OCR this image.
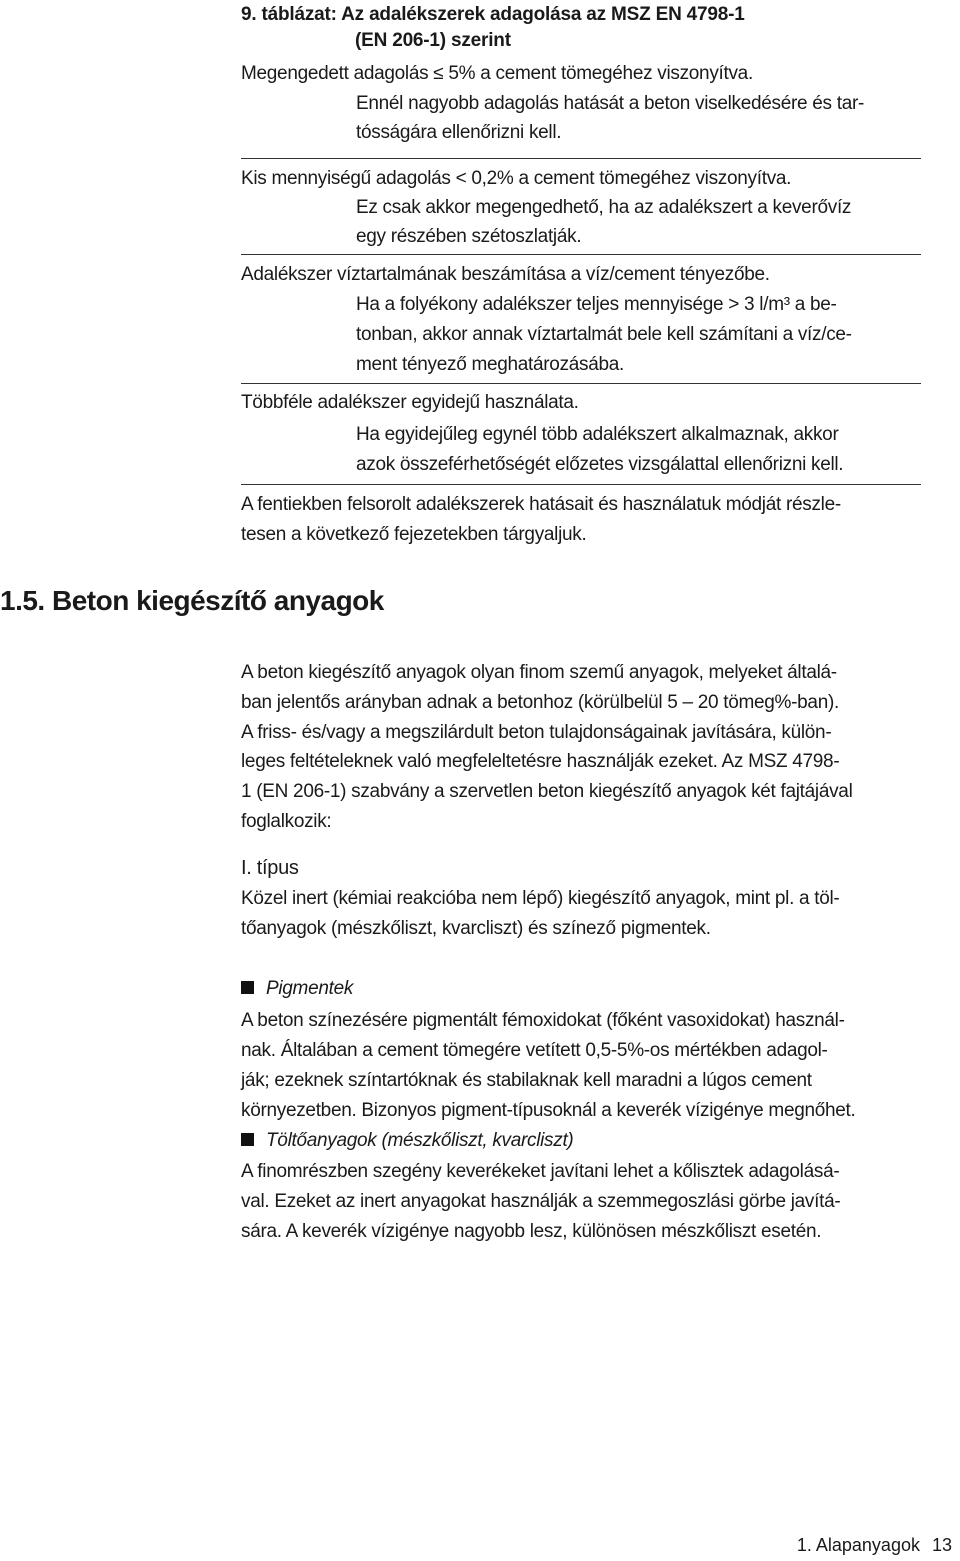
9. táblázat: Az adalékszerek adagolása az MSZ EN 4798-1
(EN 206-1) szerint
Megengedett adagolás ≤ 5% a cement tömegéhez viszonyítva.
Ennél nagyobb adagolás hatását a beton viselkedésére és tar-
tósságára ellenőrizni kell.
Kis mennyiségű adagolás < 0,2% a cement tömegéhez viszonyítva.
Ez csak akkor megengedhető, ha az adalékszert a keverővíz
egy részében szétoszlatják.
Adalékszer víztartalmának beszámítása a víz/cement tényezőbe.
Ha a folyékony adalékszer teljes mennyisége > 3 l/m³ a be-
tonban, akkor annak víztartalmát bele kell számítani a víz/ce-
ment tényező meghatározásába.
Többféle adalékszer egyidejű használata.
Ha egyidejűleg egynél több adalékszert alkalmaznak, akkor
azok összeférhetőségét előzetes vizsgálattal ellenőrizni kell.
A fentiekben felsorolt adalékszerek hatásait és használatuk módját részle-
tesen a következő fejezetekben tárgyaljuk.
1.5. Beton kiegészítő anyagok
A beton kiegészítő anyagok olyan finom szemű anyagok, melyeket általá-
ban jelentős arányban adnak a betonhoz (körülbelül 5 – 20 tömeg%-ban).
A friss- és/vagy a megszilárdult beton tulajdonságainak javítására, külön-
leges feltételeknek való megfeleltetésre használják ezeket. Az MSZ 4798-
1 (EN 206-1) szabvány a szervetlen beton kiegészítő anyagok két fajtájával
foglalkozik:
I. típus
Közel inert (kémiai reakcióba nem lépő) kiegészítő anyagok, mint pl. a töl-
tőanyagok (mészkőliszt, kvarcliszt) és színező pigmentek.
Pigmentek
A beton színezésére pigmentált fémoxidokat (főként vasoxidokat) használ-
nak. Általában a cement tömegére vetített 0,5-5%-os mértékben adagol-
ják; ezeknek színtartóknak és stabilaknak kell maradni a lúgos cement
környezetben. Bizonyos pigment-típusoknál a keverék vízigénye megnőhet.
Töltőanyagok (mészkőliszt, kvarcliszt)
A finomrészben szegény keverékeket javítani lehet a kőlisztek adagolásá-
val. Ezeket az inert anyagokat használják a szemmegoszlási görbe javítá-
sára. A keverék vízigénye nagyobb lesz, különösen mészkőliszt esetén.
1. Alapanyagok 13
